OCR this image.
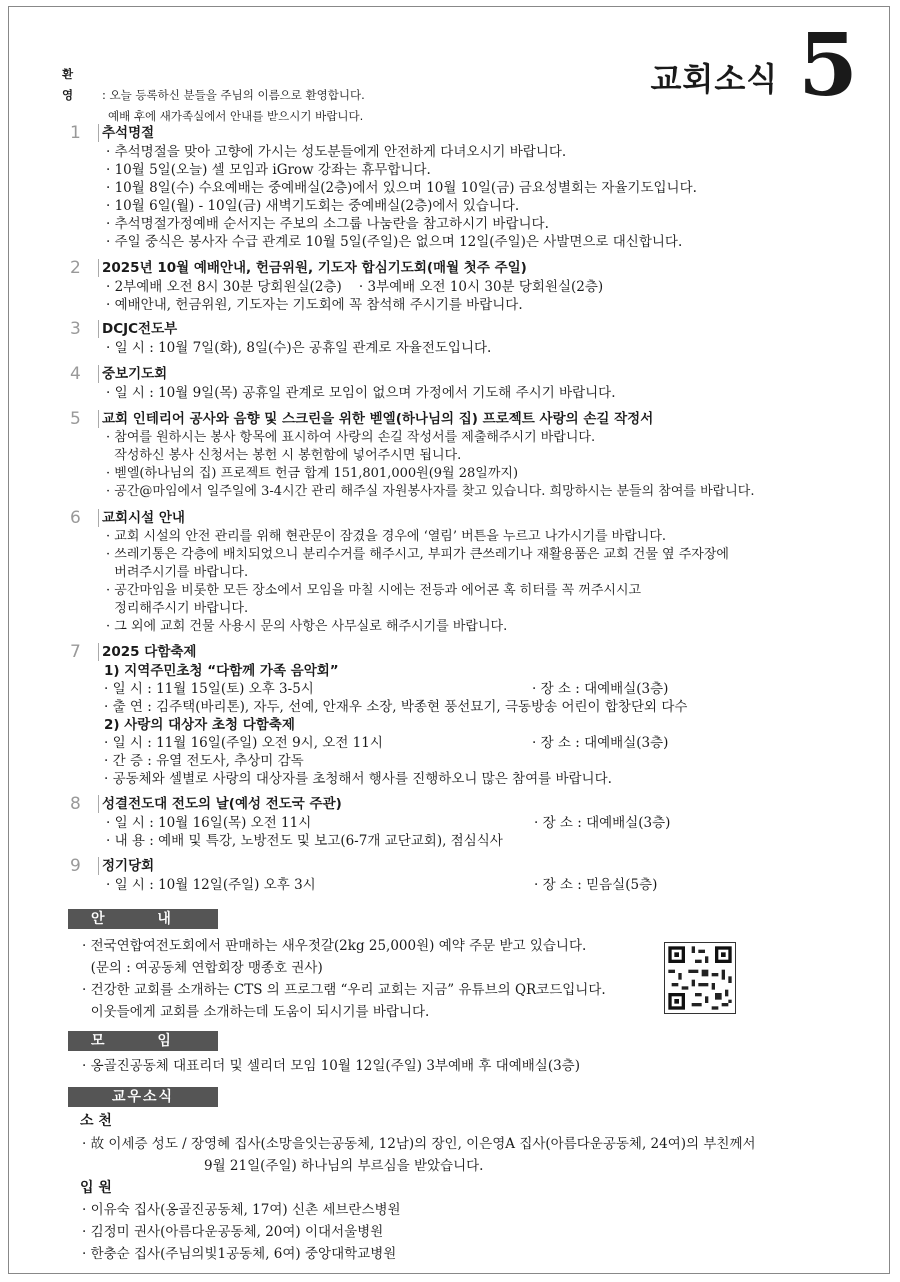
환 영 : 오늘 등록하신 분들을 주님의 이름으로 환영합니다.
예배 후에 새가족실에서 안내를 받으시기 바랍니다.
교회소식 5
1	추석명절
· 추석명절을 맞아 고향에 가시는 성도분들에게 안전하게 다녀오시기 바랍니다.
· 10월 5일(오늘) 셀 모임과 iGrow 강좌는 휴무합니다.
· 10월 8일(수) 수요예배는 중예배실(2층)에서 있으며 10월 10일(금) 금요성별회는 자율기도입니다.
· 10월 6일(월) - 10일(금) 새벽기도회는 중예배실(2층)에서 있습니다.
· 추석명절가정예배 순서지는 주보의 소그룹 나눔란을 참고하시기 바랍니다.
· 주일 중식은 봉사자 수급 관계로 10월 5일(주일)은 없으며 12일(주일)은 사발면으로 대신합니다.
2	2025년 10월 예배안내, 헌금위원, 기도자 합심기도회(매월 첫주 주일)
· 2부예배 오전 8시 30분 당회원실(2층)    · 3부예배 오전 10시 30분 당회원실(2층)
· 예배안내, 헌금위원, 기도자는 기도회에 꼭 참석해 주시기를 바랍니다.
3	DCJC전도부
· 일 시 : 10월 7일(화), 8일(수)은 공휴일 관계로 자율전도입니다.
4	중보기도회
· 일 시 : 10월 9일(목) 공휴일 관계로 모임이 없으며 가정에서 기도해 주시기 바랍니다.
5	교회 인테리어 공사와 음향 및 스크린을 위한 벧엘(하나님의 집) 프로젝트 사랑의 손길 작정서
· 참여를 원하시는 봉사 항목에 표시하여 사랑의 손길 작성서를 제출해주시기 바랍니다.
작성하신 봉사 신청서는 봉헌 시 봉헌함에 넣어주시면 됩니다.
· 벧엘(하나님의 집) 프로젝트 헌금 합계 151,801,000원(9월 28일까지)
· 공간@마임에서 일주일에 3-4시간 관리 해주실 자원봉사자를 찾고 있습니다. 희망하시는 분들의 참여를 바랍니다.
6	교회시설 안내
· 교회 시설의 안전 관리를 위해 현관문이 잠겼을 경우에 ‘열림’ 버튼을 누르고 나가시기를 바랍니다.
· 쓰레기통은 각층에 배치되었으니 분리수거를 해주시고, 부피가 큰쓰레기나 재활용품은 교회 건물 옆 주자장에
버려주시기를 바랍니다.
· 공간마임을 비롯한 모든 장소에서 모임을 마칠 시에는 전등과 에어콘 혹 히터를 꼭 꺼주시시고
정리해주시기 바랍니다.
· 그 외에 교회 건물 사용시 문의 사항은 사무실로 해주시기를 바랍니다.
7	2025 다함축제
1) 지역주민초청 “다함께 가족 음악회”
· 일 시 : 11월 15일(토) 오후 3-5시	· 장 소 : 대예배실(3층)
· 출 연 : 김주택(바리톤), 자두, 선예, 안재우 소장, 박종현 풍선묘기, 극동방송 어린이 합창단외 다수
2) 사랑의 대상자 초청 다함축제
· 일 시 : 11월 16일(주일) 오전 9시, 오전 11시	· 장 소 : 대예배실(3층)
· 간 증 : 유열 전도사, 추상미 감독
· 공동체와 셀별로 사랑의 대상자를 초청해서 행사를 진행하오니 많은 참여를 바랍니다.
8	성결전도대 전도의 날(예성 전도국 주관)
· 일 시 : 10월 16일(목) 오전 11시	· 장 소 : 대예배실(3층)
· 내 용 : 예배 및 특강, 노방전도 및 보고(6-7개 교단교회), 점심식사
9	정기당회
· 일 시 : 10월 12일(주일) 오후 3시	· 장 소 : 믿음실(5층)
안 내
· 전국연합여전도회에서 판매하는 새우젓갈(2kg 25,000원) 예약 주문 받고 있습니다.
(문의 : 여공동체 연합회장 맹종호 권사)
· 건강한 교회를 소개하는 CTS 의 프로그램 “우리 교회는 지금” 유튜브의 QR코드입니다.
이웃들에게 교회를 소개하는데 도움이 되시기를 바랍니다.
모 임
· 옹골진공동체 대표리더 및 셀리더 모임 10월 12일(주일) 3부예배 후 대예배실(3층)
교우소식
소 천
· 故 이세증 성도 / 장영혜 집사(소망을잇는공동체, 12남)의 장인, 이은영A 집사(아름다운공동체, 24여)의 부친께서
9월 21일(주일) 하나님의 부르심을 받았습니다.
입 원
· 이유숙 집사(옹골진공동체, 17여) 신촌 세브란스병원
· 김정미 권사(아름다운공동체, 20여) 이대서울병원
· 한충순 집사(주님의빛1공동체, 6여) 중앙대학교병원
